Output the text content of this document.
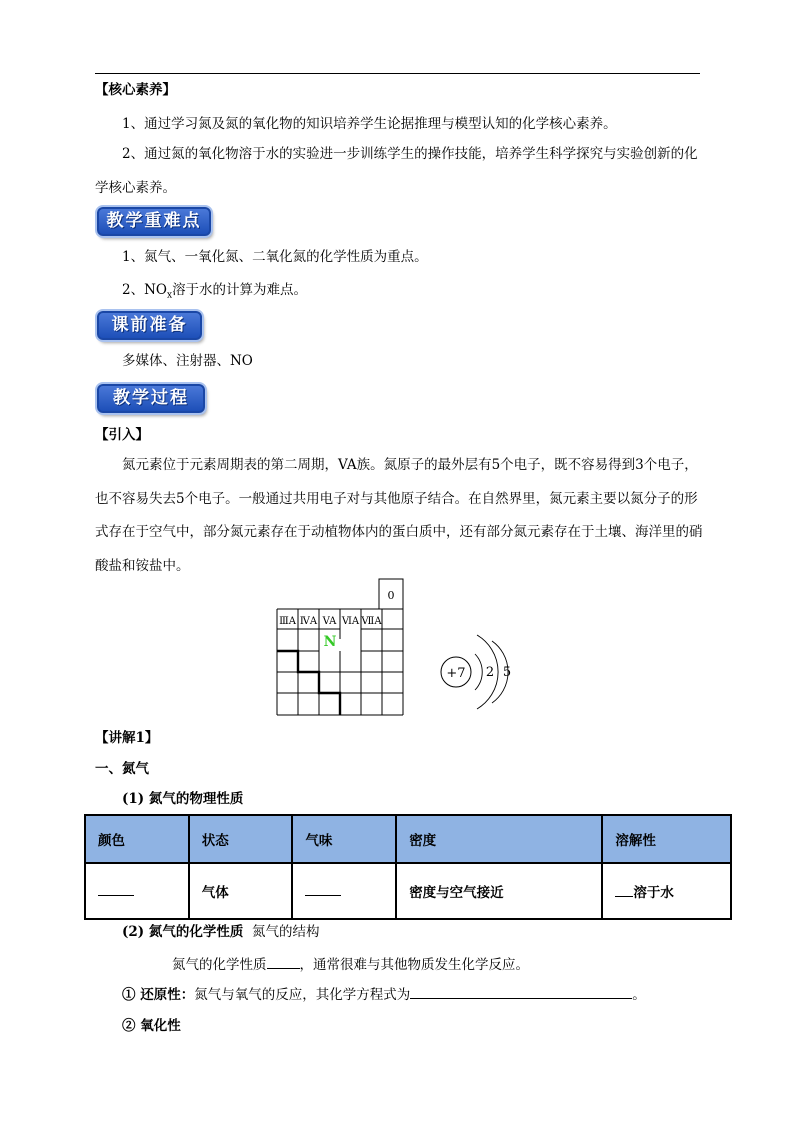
【核心素养】
1、通过学习氮及氮的氧化物的知识培养学生论据推理与模型认知的化学核心素养。
2、通过氮的氧化物溶于水的实验进一步训练学生的操作技能，培养学生科学探究与实验创新的化学核心素养。
教学重难点
1、氮气、一氧化氮、二氧化氮的化学性质为重点。
2、$NO_x$溶于水的计算为难点。
课前准备
多媒体、注射器、NO
教学过程
【引入】
氮元素位于元素周期表的第二周期，VA族。氮原子的最外层有5个电子，既不容易得到3个电子，也不容易失去5个电子。一般通过共用电子对与其他原子结合。在自然界里，氮元素主要以氮分子的形式存在于空气中，部分氮元素存在于动植物体内的蛋白质中，还有部分氮元素存在于土壤、海洋里的硝酸盐和铵盐中。
0
ⅢA ⅣA VA ⅥA ⅦA
N
+7 2 5
【讲解1】
一、氮气
(1) 氮气的物理性质
颜色	状态	气味	密度	溶解性
	气体		密度与空气接近	溶于水
(2) 氮气的化学性质 氮气的结构
氮气的化学性质 ，通常很难与其他物质发生化学反应。
① 还原性：氮气与氧气的反应，其化学方程式为	。
② 氧化性
